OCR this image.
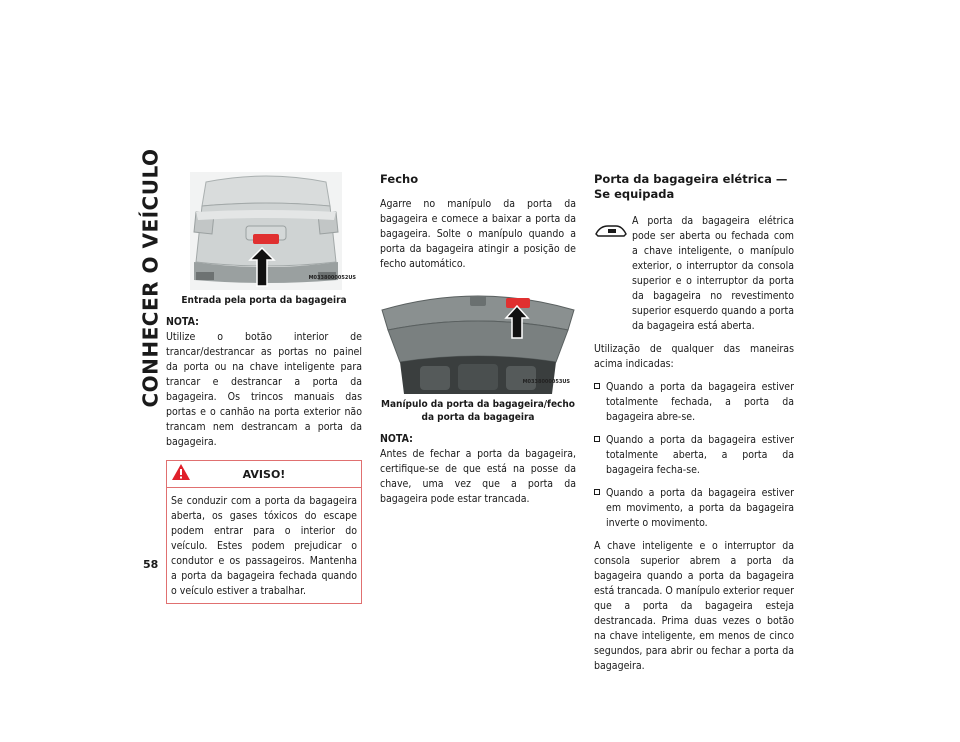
CONHECER O VEÍCULO
58
M0338000052US
Entrada pela porta da bagageira

NOTA:

Utilize o botão interior de trancar/destrancar as portas no painel da porta ou na chave inteligente para trancar e destrancar a porta da bagageira. Os trincos manuais das portas e o canhão na porta exterior não trancam nem destrancam a porta da bagageira.

AVISO!

Se conduzir com a porta da bagageira aberta, os gases tóxicos do escape podem entrar para o interior do veículo. Estes podem prejudicar o condutor e os passageiros. Mantenha a porta da bagageira fechada quando o veículo estiver a trabalhar.

Fecho

Agarre no manípulo da porta da bagageira e comece a baixar a porta da bagageira. Solte o manípulo quando a porta da bagageira atingir a posição de fecho automático.

M0338000053US
Manípulo da porta da bagageira/fecho da porta da bagageira

NOTA:

Antes de fechar a porta da bagageira, certifique-se de que está na posse da chave, uma vez que a porta da bagageira pode estar trancada.

Porta da bagageira elétrica — Se equipada

A porta da bagageira elétrica pode ser aberta ou fechada com a chave inteligente, o manípulo exterior, o interruptor da consola superior e o interruptor da porta da bagageira no revestimento superior esquerdo quando a porta da bagageira está aberta.

Utilização de qualquer das maneiras acima indicadas:

Quando a porta da bagageira estiver totalmente fechada, a porta da bagageira abre-se.
Quando a porta da bagageira estiver totalmente aberta, a porta da bagageira fecha-se.
Quando a porta da bagageira estiver em movimento, a porta da bagageira inverte o movimento.

A chave inteligente e o interruptor da consola superior abrem a porta da bagageira quando a porta da bagageira está trancada. O manípulo exterior requer que a porta da bagageira esteja destrancada. Prima duas vezes o botão na chave inteligente, em menos de cinco segundos, para abrir ou fechar a porta da bagageira.
